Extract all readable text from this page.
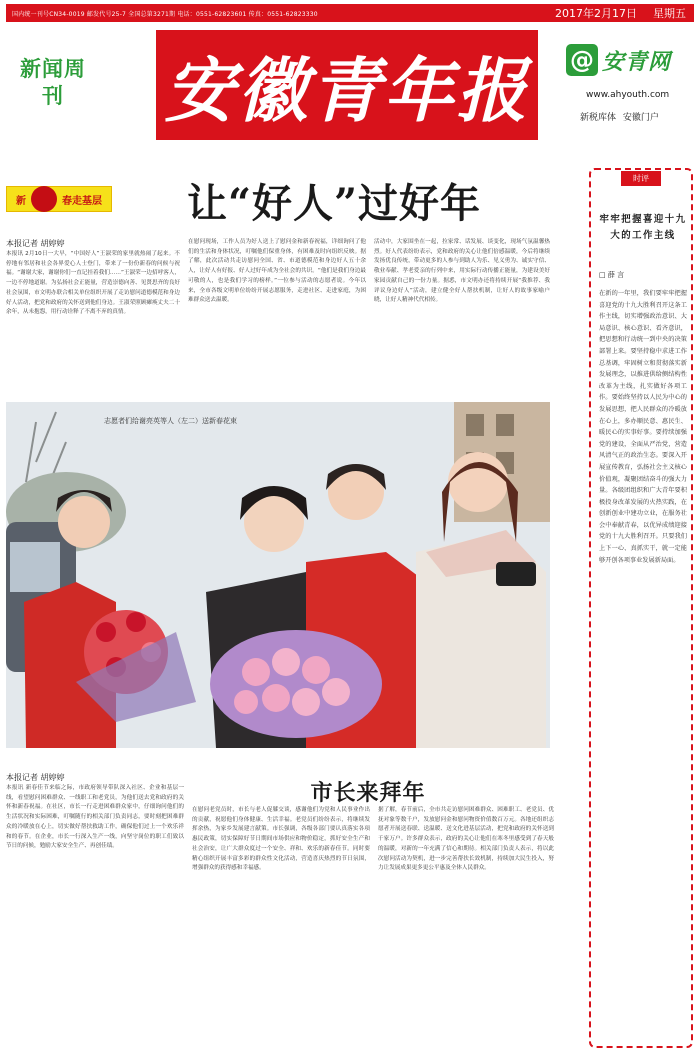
国内统一刊号CN34-0019 邮发代号25-7 全国总第3271期 电话：0551-62823601 传真：0551-62823330	2017年2月17日 星期五
新闻周刊	安徽青年报 @ 安青网
www.ahyouth.com
新税库体 安徽门户
新	春走基层	让“好人”过好年
本报记者 胡婷婷
本报讯 2月10日一大早，“中国好人”王淑荣的家里就热闹了起来。不停地有邻居和社会各界爱心人士登门，带来了一份份新春的问候与祝福。“谢谢大家，谢谢你们一直记挂着我们……”王淑荣一边招呼客人，一边不停地道谢。为弘扬社会正能量，营造崇德向善、见贤思齐的良好社会氛围，市文明办联合相关单位组织开展了走访慰问道德模范和身边好人活动，把党和政府的关怀送到他们身边。王淑荣照顾瘫痪丈夫二十余年，从未抱怨，用行动诠释了不离不弃的真情。
在慰问现场，工作人员为好人送上了慰问金和新春祝福，详细询问了他们的生活和身体状况，叮嘱他们保重身体，有困难及时向组织反映。据了解，此次活动共走访慰问全国、省、市道德模范和身边好人五十余人，让好人有好报、好人过好年成为全社会的共识。“他们是我们身边最可敬的人，也是我们学习的榜样。”一位参与活动的志愿者说。今年以来，全市各级文明单位纷纷开展志愿服务，走进社区、走进家庭，为困难群众送去温暖。
活动中，大家围坐在一起，拉家常、话发展、谈变化，现场气氛温馨热烈。好人代表纷纷表示，党和政府的关心让他们倍感温暖，今后将继续发扬优良传统，带动更多的人参与到助人为乐、见义勇为、诚实守信、敬业奉献、孝老爱亲的行列中来，用实际行动传播正能量，为建设美好家园贡献自己的一份力量。据悉，市文明办还将持续开展“我推荐、我评议身边好人”活动，建立健全好人帮扶机制，让好人的故事家喻户晓，让好人精神代代相传。
志愿者们给谢亮英等人（左二）送新春花束
市长来拜年
本报记者 胡婷婷
本报讯 新春佳节来临之际，市政府领导带队深入社区、企业和基层一线，看望慰问困难群众、一线职工和老党员，为他们送去党和政府的关怀和新春祝福。在社区，市长一行走进困难群众家中，仔细询问他们的生活状况和实际困难，叮嘱随行的相关部门负责同志，要时刻把困难群众的冷暖放在心上，切实做好帮扶救助工作，确保他们过上一个欢乐祥和的春节。在企业，市长一行深入生产一线，向坚守岗位的职工们致以节日的问候，勉励大家安全生产、再创佳绩。
在慰问老党员时，市长与老人促膝交谈，感谢他们为党和人民事业作出的贡献，祝愿他们身体健康、生活幸福。老党员们纷纷表示，将继续发挥余热，为家乡发展建言献策。市长强调，各级各部门要认真落实各项惠民政策，切实保障好节日期间市场供应和物价稳定，抓好安全生产和社会治安，让广大群众度过一个安全、祥和、欢乐的新春佳节。同时要精心组织开展丰富多彩的群众性文化活动，营造喜庆热烈的节日氛围，增强群众的获得感和幸福感。
据了解，春节前后，全市共走访慰问困难群众、困难职工、老党员、优抚对象等数千户，发放慰问金和慰问物资价值数百万元。各地还组织志愿者开展送春联、送温暖、送文化进基层活动，把党和政府的关怀送到千家万户。许多群众表示，政府的关心让他们在寒冬里感受到了春天般的温暖，对新的一年充满了信心和期待。相关部门负责人表示，将以此次慰问活动为契机，进一步完善帮扶长效机制，持续加大民生投入，努力让发展成果更多更公平惠及全体人民群众。
时评
牢牢把握喜迎十九大的工作主线
□ 薛 言
在新的一年里，我们要牢牢把握喜迎党的十九大胜利召开这条工作主线，切实增强政治意识、大局意识、核心意识、看齐意识，把思想和行动统一到中央的决策部署上来。要坚持稳中求进工作总基调，牢固树立和贯彻落实新发展理念，以推进供给侧结构性改革为主线，扎实做好各项工作。要始终坚持以人民为中心的发展思想，把人民群众的冷暖放在心上，多办顺民意、惠民生、暖民心的实事好事。要持续加强党的建设，全面从严治党，营造风清气正的政治生态。要深入开展宣传教育，弘扬社会主义核心价值观，凝聚团结奋斗的强大力量。各级团组织和广大青年要积极投身改革发展的火热实践，在创新创业中建功立业，在服务社会中奉献青春，以优异成绩迎接党的十九大胜利召开。只要我们上下一心、真抓实干，就一定能够开创各项事业发展新局面。
